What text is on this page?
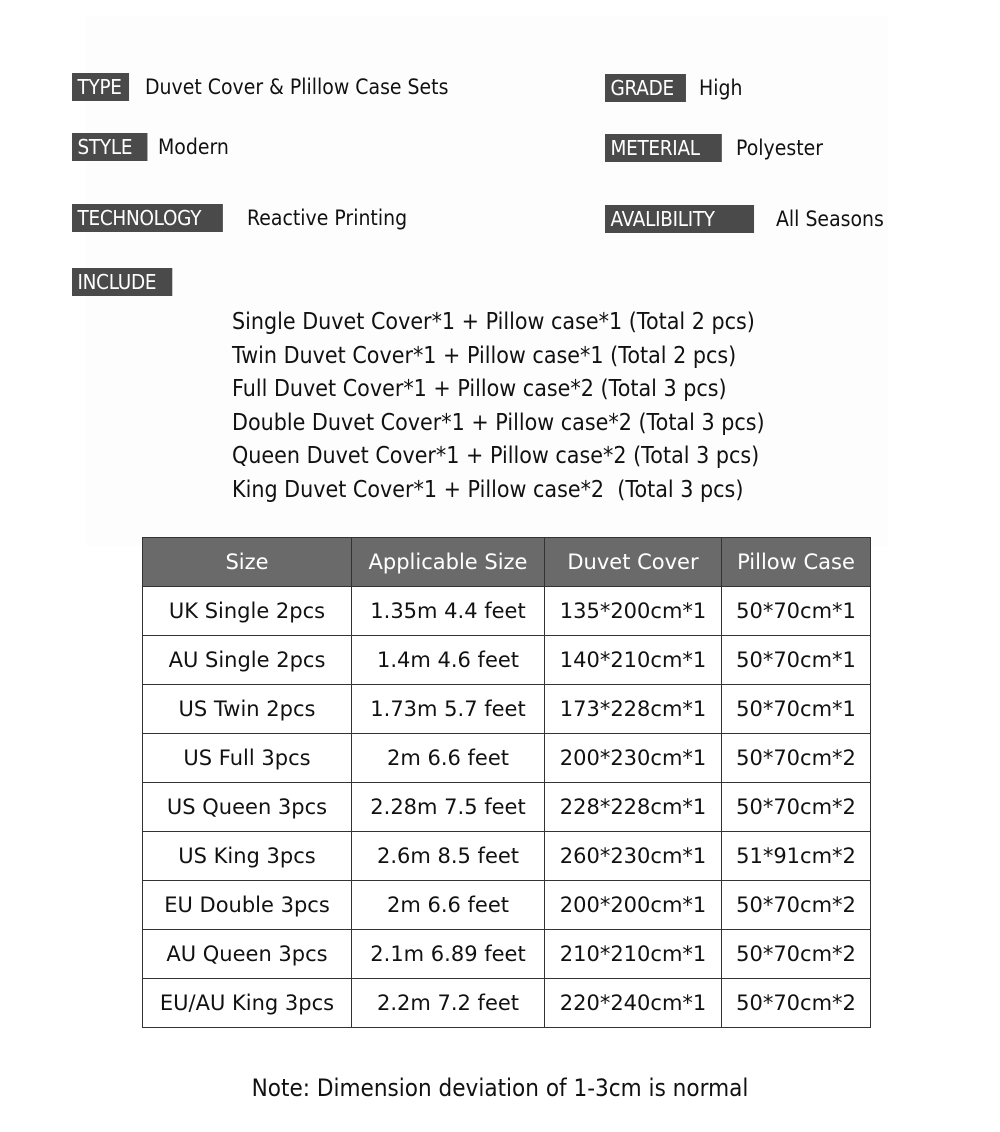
TYPE	Duvet Cover & Plillow Case Sets	GRADE	High
STYLE	Modern	METERIAL	Polyester
TECHNOLOGY	Reactive Printing	AVALIBILITY	All Seasons
INCLUDE
Single Duvet Cover*1 + Pillow case*1 (Total 2 pcs)
Twin Duvet Cover*1 + Pillow case*1 (Total 2 pcs)
Full Duvet Cover*1 + Pillow case*2 (Total 3 pcs)
Double Duvet Cover*1 + Pillow case*2 (Total 3 pcs)
Queen Duvet Cover*1 + Pillow case*2 (Total 3 pcs)
King Duvet Cover*1 + Pillow case*2  (Total 3 pcs)
Size	Applicable Size	Duvet Cover	Pillow Case
UK Single 2pcs	1.35m 4.4 feet	135*200cm*1	50*70cm*1
AU Single 2pcs	1.4m 4.6 feet	140*210cm*1	50*70cm*1
US Twin 2pcs	1.73m 5.7 feet	173*228cm*1	50*70cm*1
US Full 3pcs	2m 6.6 feet	200*230cm*1	50*70cm*2
US Queen 3pcs	2.28m 7.5 feet	228*228cm*1	50*70cm*2
US King 3pcs	2.6m 8.5 feet	260*230cm*1	51*91cm*2
EU Double 3pcs	2m 6.6 feet	200*200cm*1	50*70cm*2
AU Queen 3pcs	2.1m 6.89 feet	210*210cm*1	50*70cm*2
EU/AU King 3pcs	2.2m 7.2 feet	220*240cm*1	50*70cm*2
Note: Dimension deviation of 1-3cm is normal
